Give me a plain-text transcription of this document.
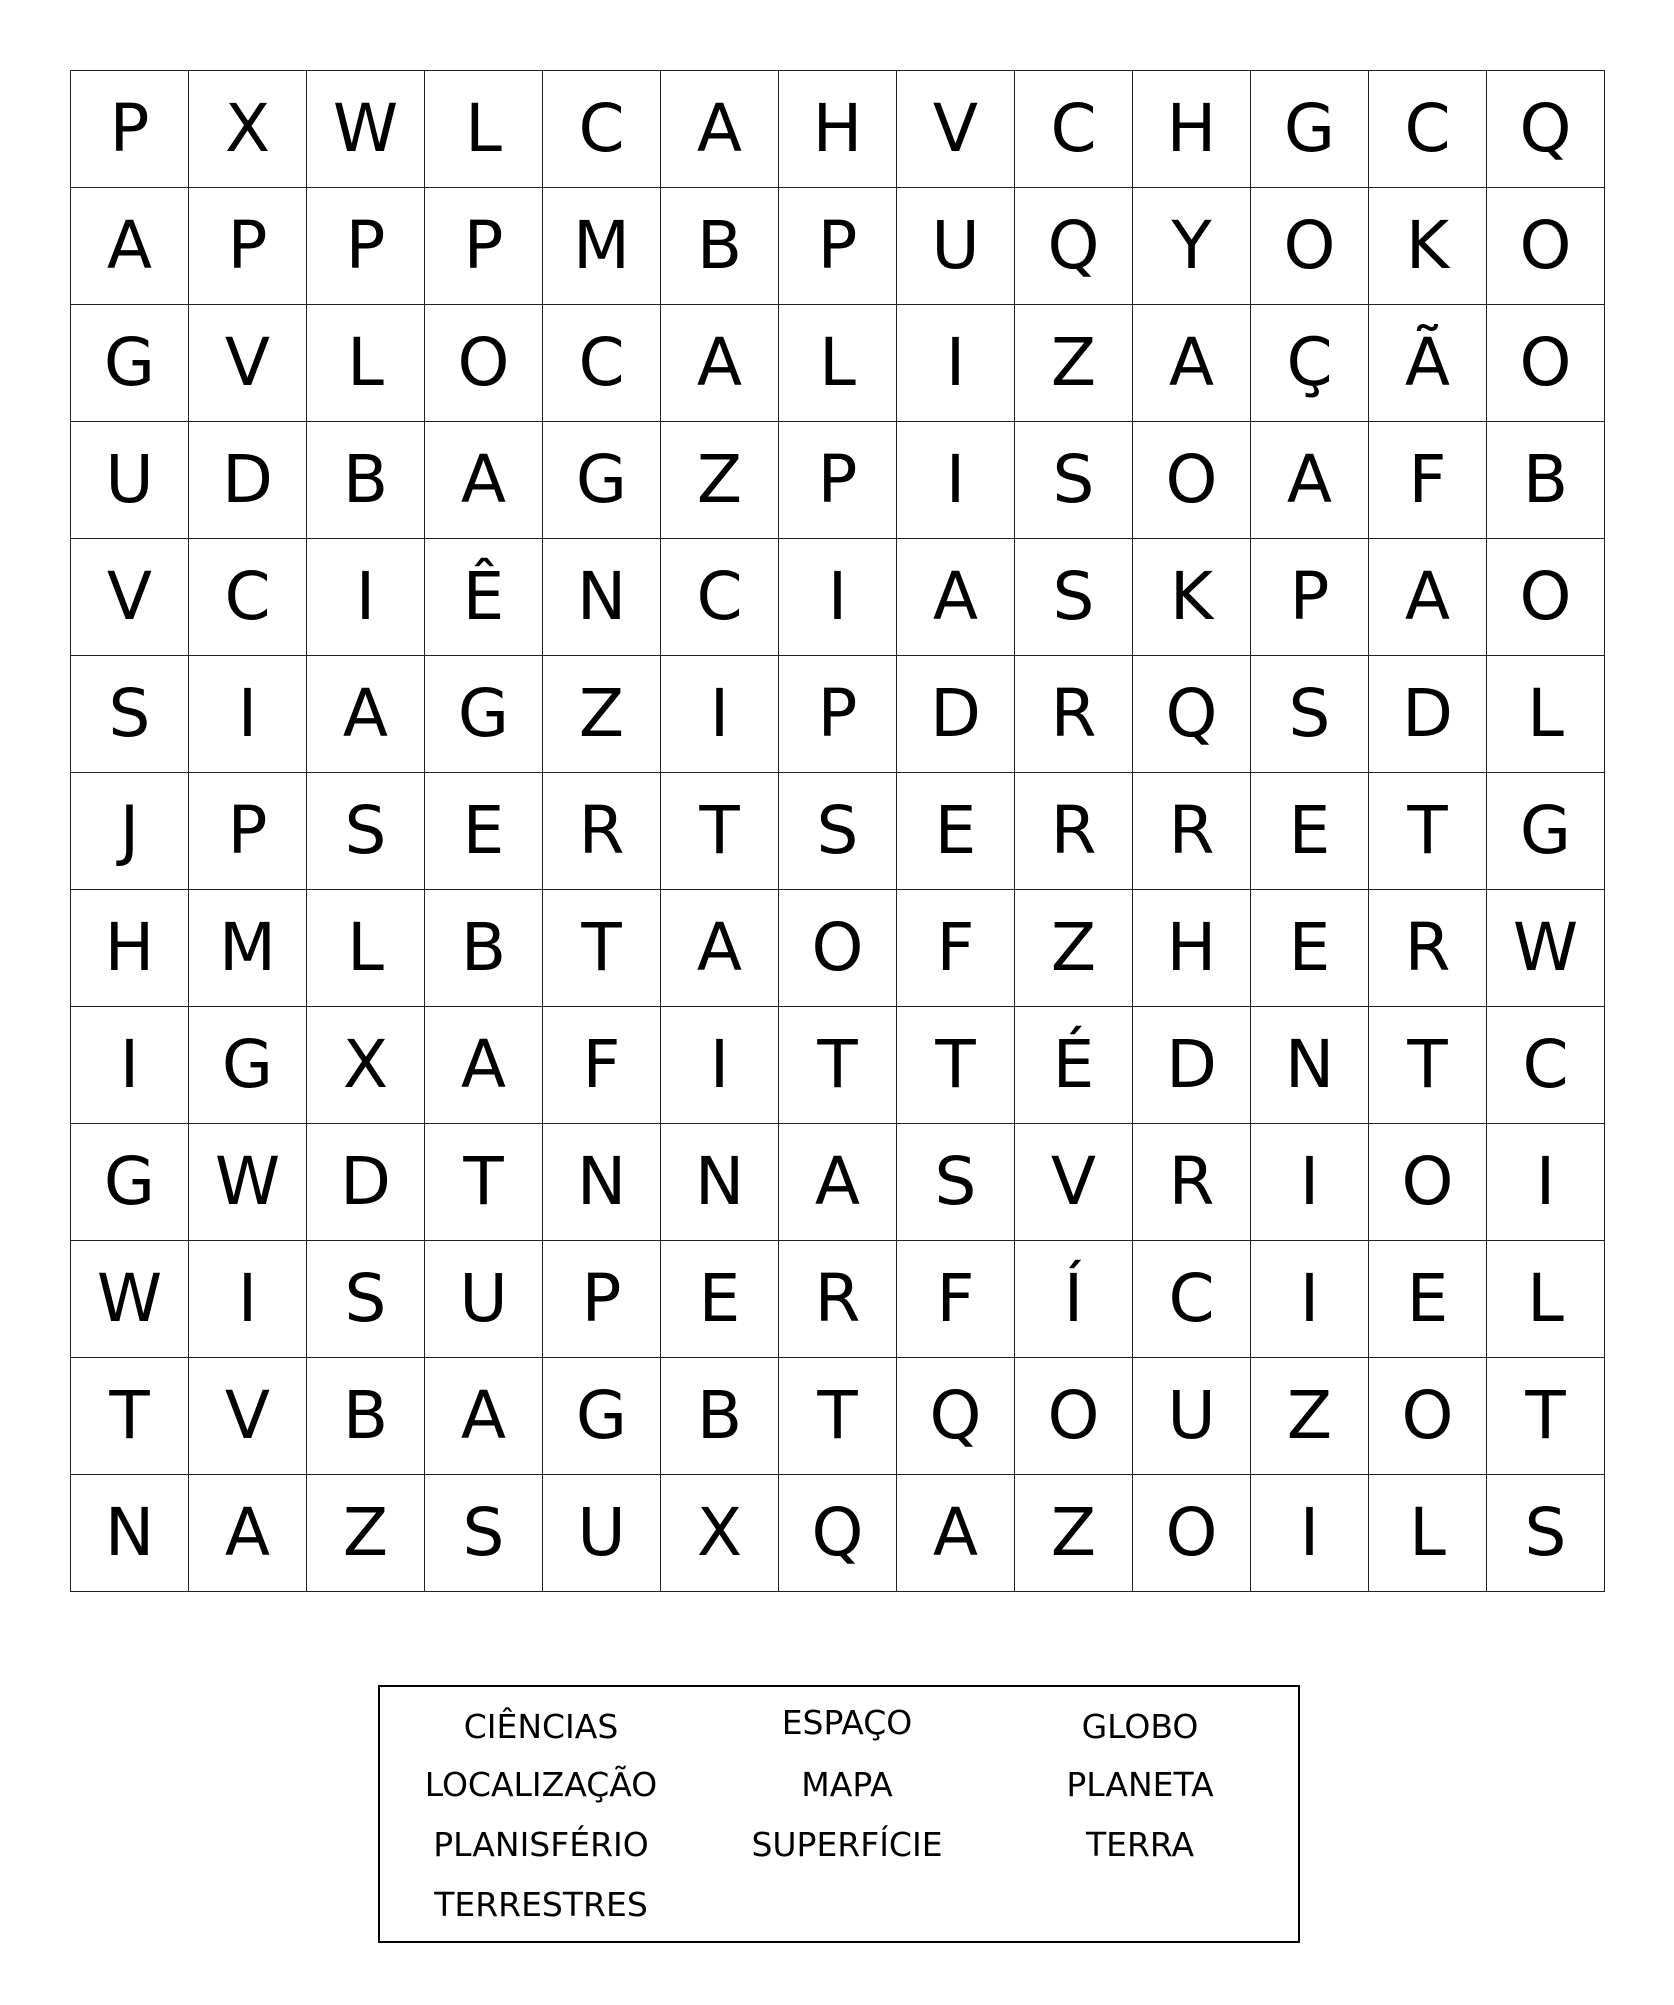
P	X	W	L	C	A	H	V	C	H	G	C	Q
A	P	P	P	M	B	P	U	Q	Y	O	K	O
G	V	L	O	C	A	L	I	Z	A	Ç	Ã	O
U	D	B	A	G	Z	P	I	S	O	A	F	B
V	C	I	Ê	N	C	I	A	S	K	P	A	O
S	I	A	G	Z	I	P	D	R	Q	S	D	L
J	P	S	E	R	T	S	E	R	R	E	T	G
H	M	L	B	T	A	O	F	Z	H	E	R	W
I	G	X	A	F	I	T	T	É	D	N	T	C
G	W	D	T	N	N	A	S	V	R	I	O	I
W	I	S	U	P	E	R	F	Í	C	I	E	L
T	V	B	A	G	B	T	Q	O	U	Z	O	T
N	A	Z	S	U	X	Q	A	Z	O	I	L	S
CIÊNCIAS
LOCALIZAÇÃO
PLANISFÉRIO
TERRESTRES
ESPAÇO
MAPA
SUPERFÍCIE
GLOBO
PLANETA
TERRA
